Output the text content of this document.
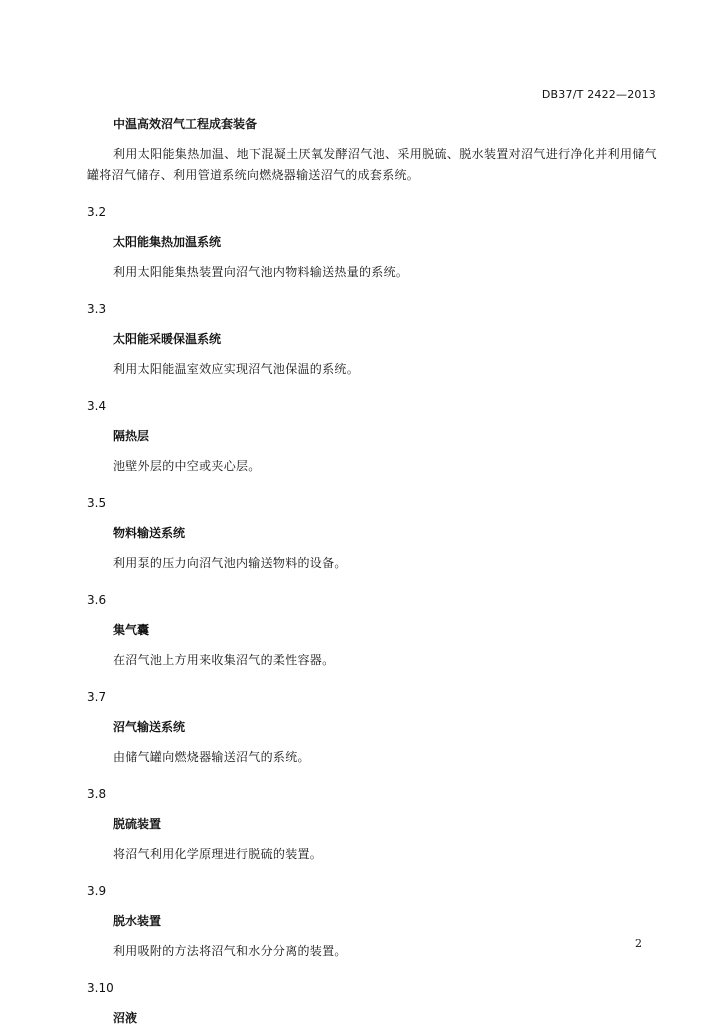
DB37/T 2422—2013
中温高效沼气工程成套装备
利用太阳能集热加温、地下混凝土厌氧发酵沼气池、采用脱硫、脱水装置对沼气进行净化并利用储气罐将沼气储存、利用管道系统向燃烧器输送沼气的成套系统。
3.2
太阳能集热加温系统
利用太阳能集热装置向沼气池内物料输送热量的系统。
3.3
太阳能采暖保温系统
利用太阳能温室效应实现沼气池保温的系统。
3.4
隔热层
池壁外层的中空或夹心层。
3.5
物料输送系统
利用泵的压力向沼气池内输送物料的设备。
3.6
集气囊
在沼气池上方用来收集沼气的柔性容器。
3.7
沼气输送系统
由储气罐向燃烧器输送沼气的系统。
3.8
脱硫装置
将沼气利用化学原理进行脱硫的装置。
3.9
脱水装置
利用吸附的方法将沼气和水分分离的装置。
3.10
沼液
2
